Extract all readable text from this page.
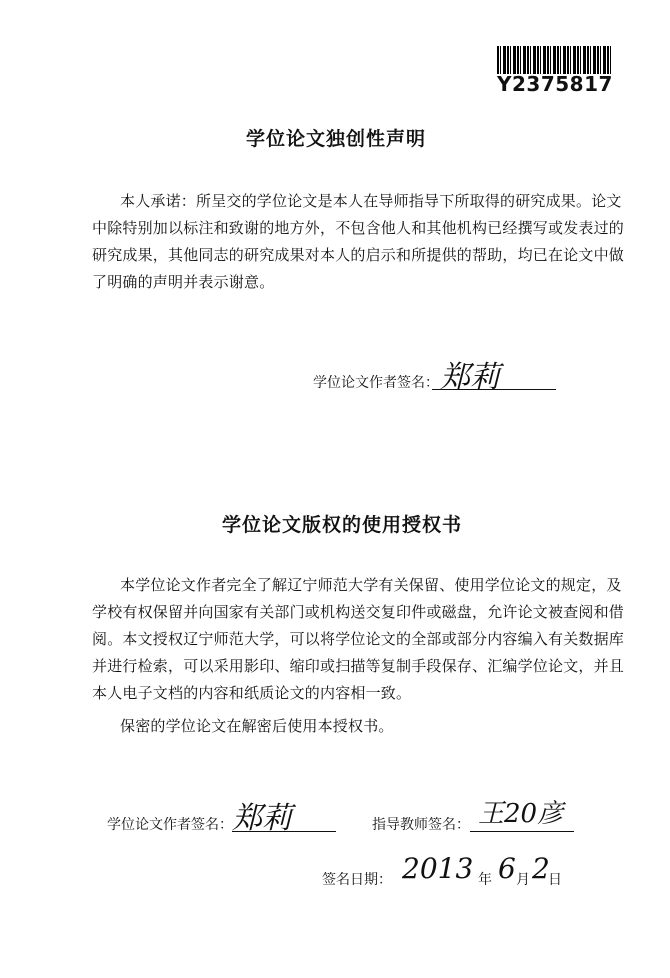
Y2375817
学位论文独创性声明
本人承诺：所呈交的学位论文是本人在导师指导下所取得的研究成果。论文
中除特别加以标注和致谢的地方外，不包含他人和其他机构已经撰写或发表过的
研究成果，其他同志的研究成果对本人的启示和所提供的帮助，均已在论文中做
了明确的声明并表示谢意。
学位论文作者签名： 郑莉
学位论文版权的使用授权书
本学位论文作者完全了解辽宁师范大学有关保留、使用学位论文的规定，及
学校有权保留并向国家有关部门或机构送交复印件或磁盘，允许论文被查阅和借
阅。本文授权辽宁师范大学，可以将学位论文的全部或部分内容编入有关数据库
并进行检索，可以采用影印、缩印或扫描等复制手段保存、汇编学位论文，并且
本人电子文档的内容和纸质论文的内容相一致。
保密的学位论文在解密后使用本授权书。
学位论文作者签名： 郑莉	指导教师签名： 王20彦
签名日期： 2013 年 6 月 2
日
